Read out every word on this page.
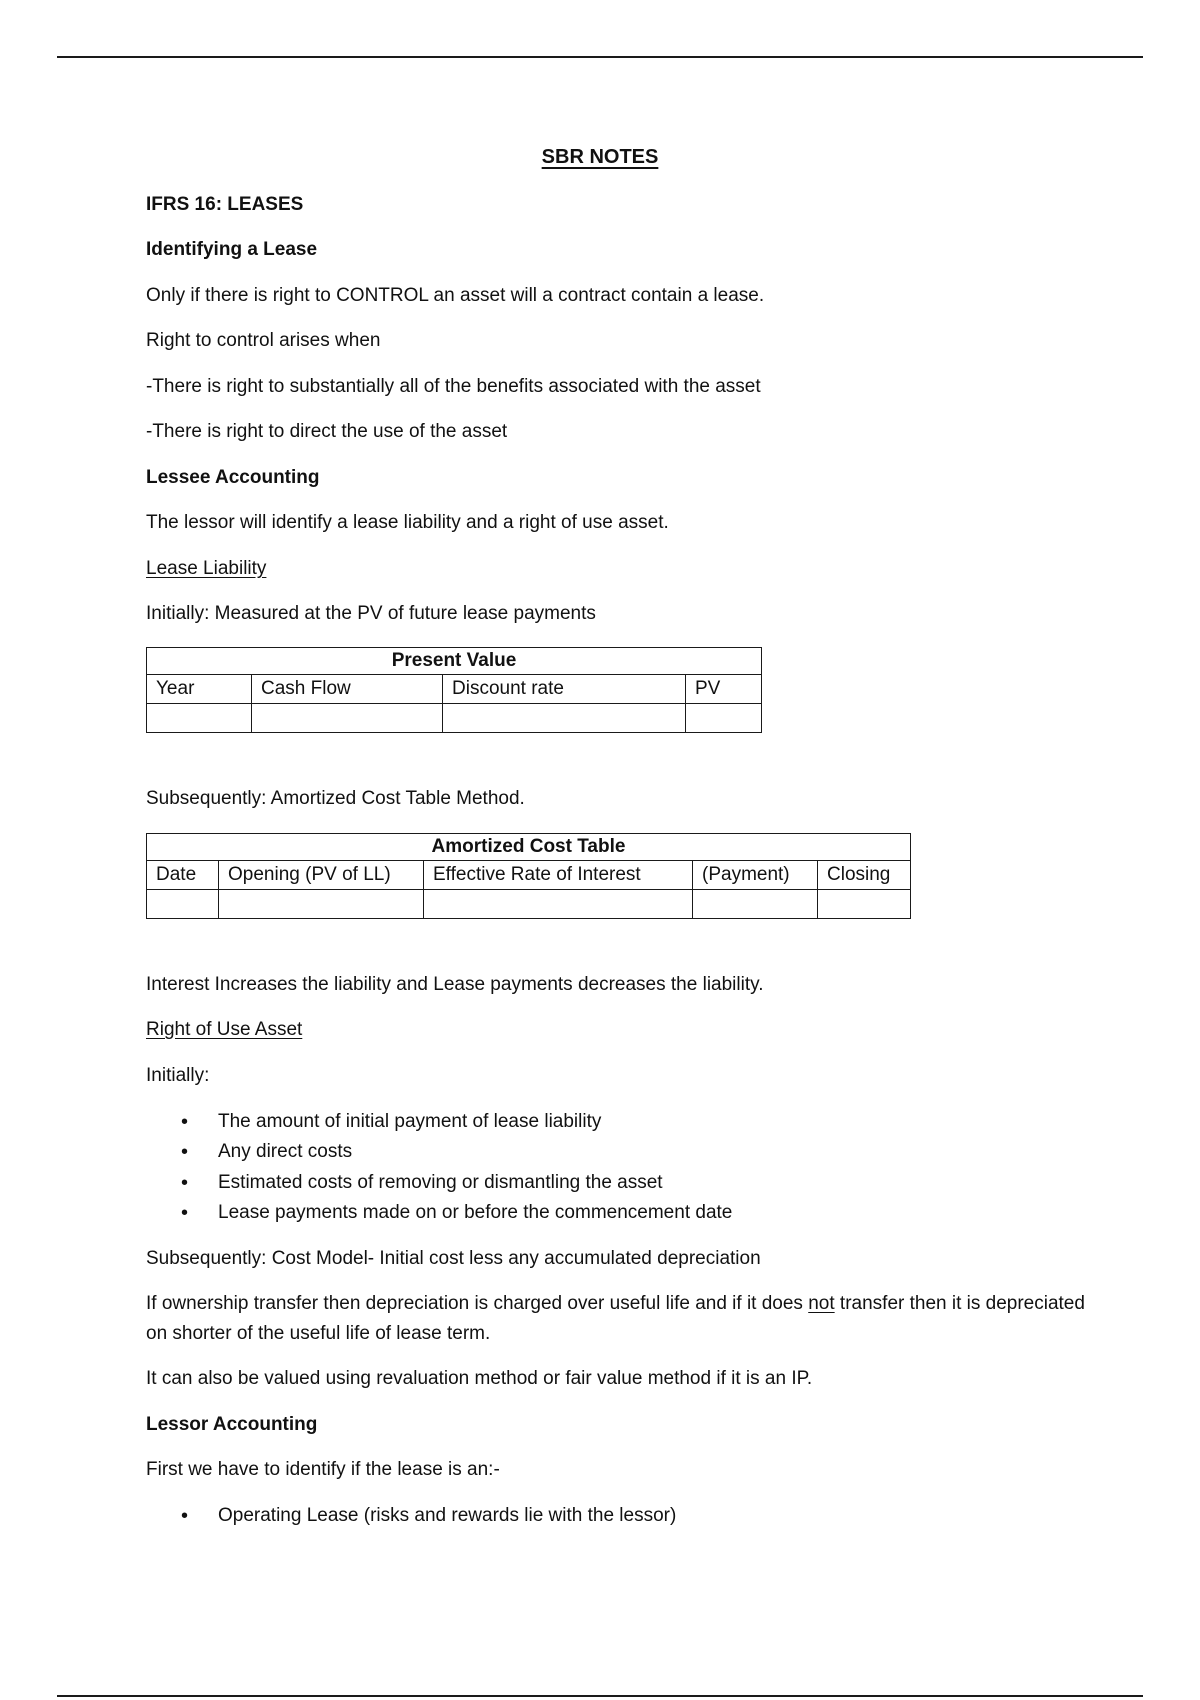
SBR NOTES
IFRS 16: LEASES
Identifying a Lease
Only if there is right to CONTROL an asset will a contract contain a lease.
Right to control arises when
-There is right to substantially all of the benefits associated with the asset
-There is right to direct the use of the asset
Lessee Accounting
The lessor will identify a lease liability and a right of use asset.
Lease Liability
Initially: Measured at the PV of future lease payments
Present Value			
Year	Cash Flow	Discount rate	PV

Subsequently: Amortized Cost Table Method.
Amortized Cost Table				
Date	Opening (PV of LL)	Effective Rate of Interest	(Payment)	Closing

Interest Increases the liability and Lease payments decreases the liability.
Right of Use Asset
Initially:
• The amount of initial payment of lease liability
• Any direct costs
• Estimated costs of removing or dismantling the asset
• Lease payments made on or before the commencement date
Subsequently: Cost Model- Initial cost less any accumulated depreciation
If ownership transfer then depreciation is charged over useful life and if it does not transfer then it is depreciated on shorter of the useful life of lease term.
It can also be valued using revaluation method or fair value method if it is an IP.
Lessor Accounting
First we have to identify if the lease is an:-
• Operating Lease (risks and rewards lie with the lessor)
